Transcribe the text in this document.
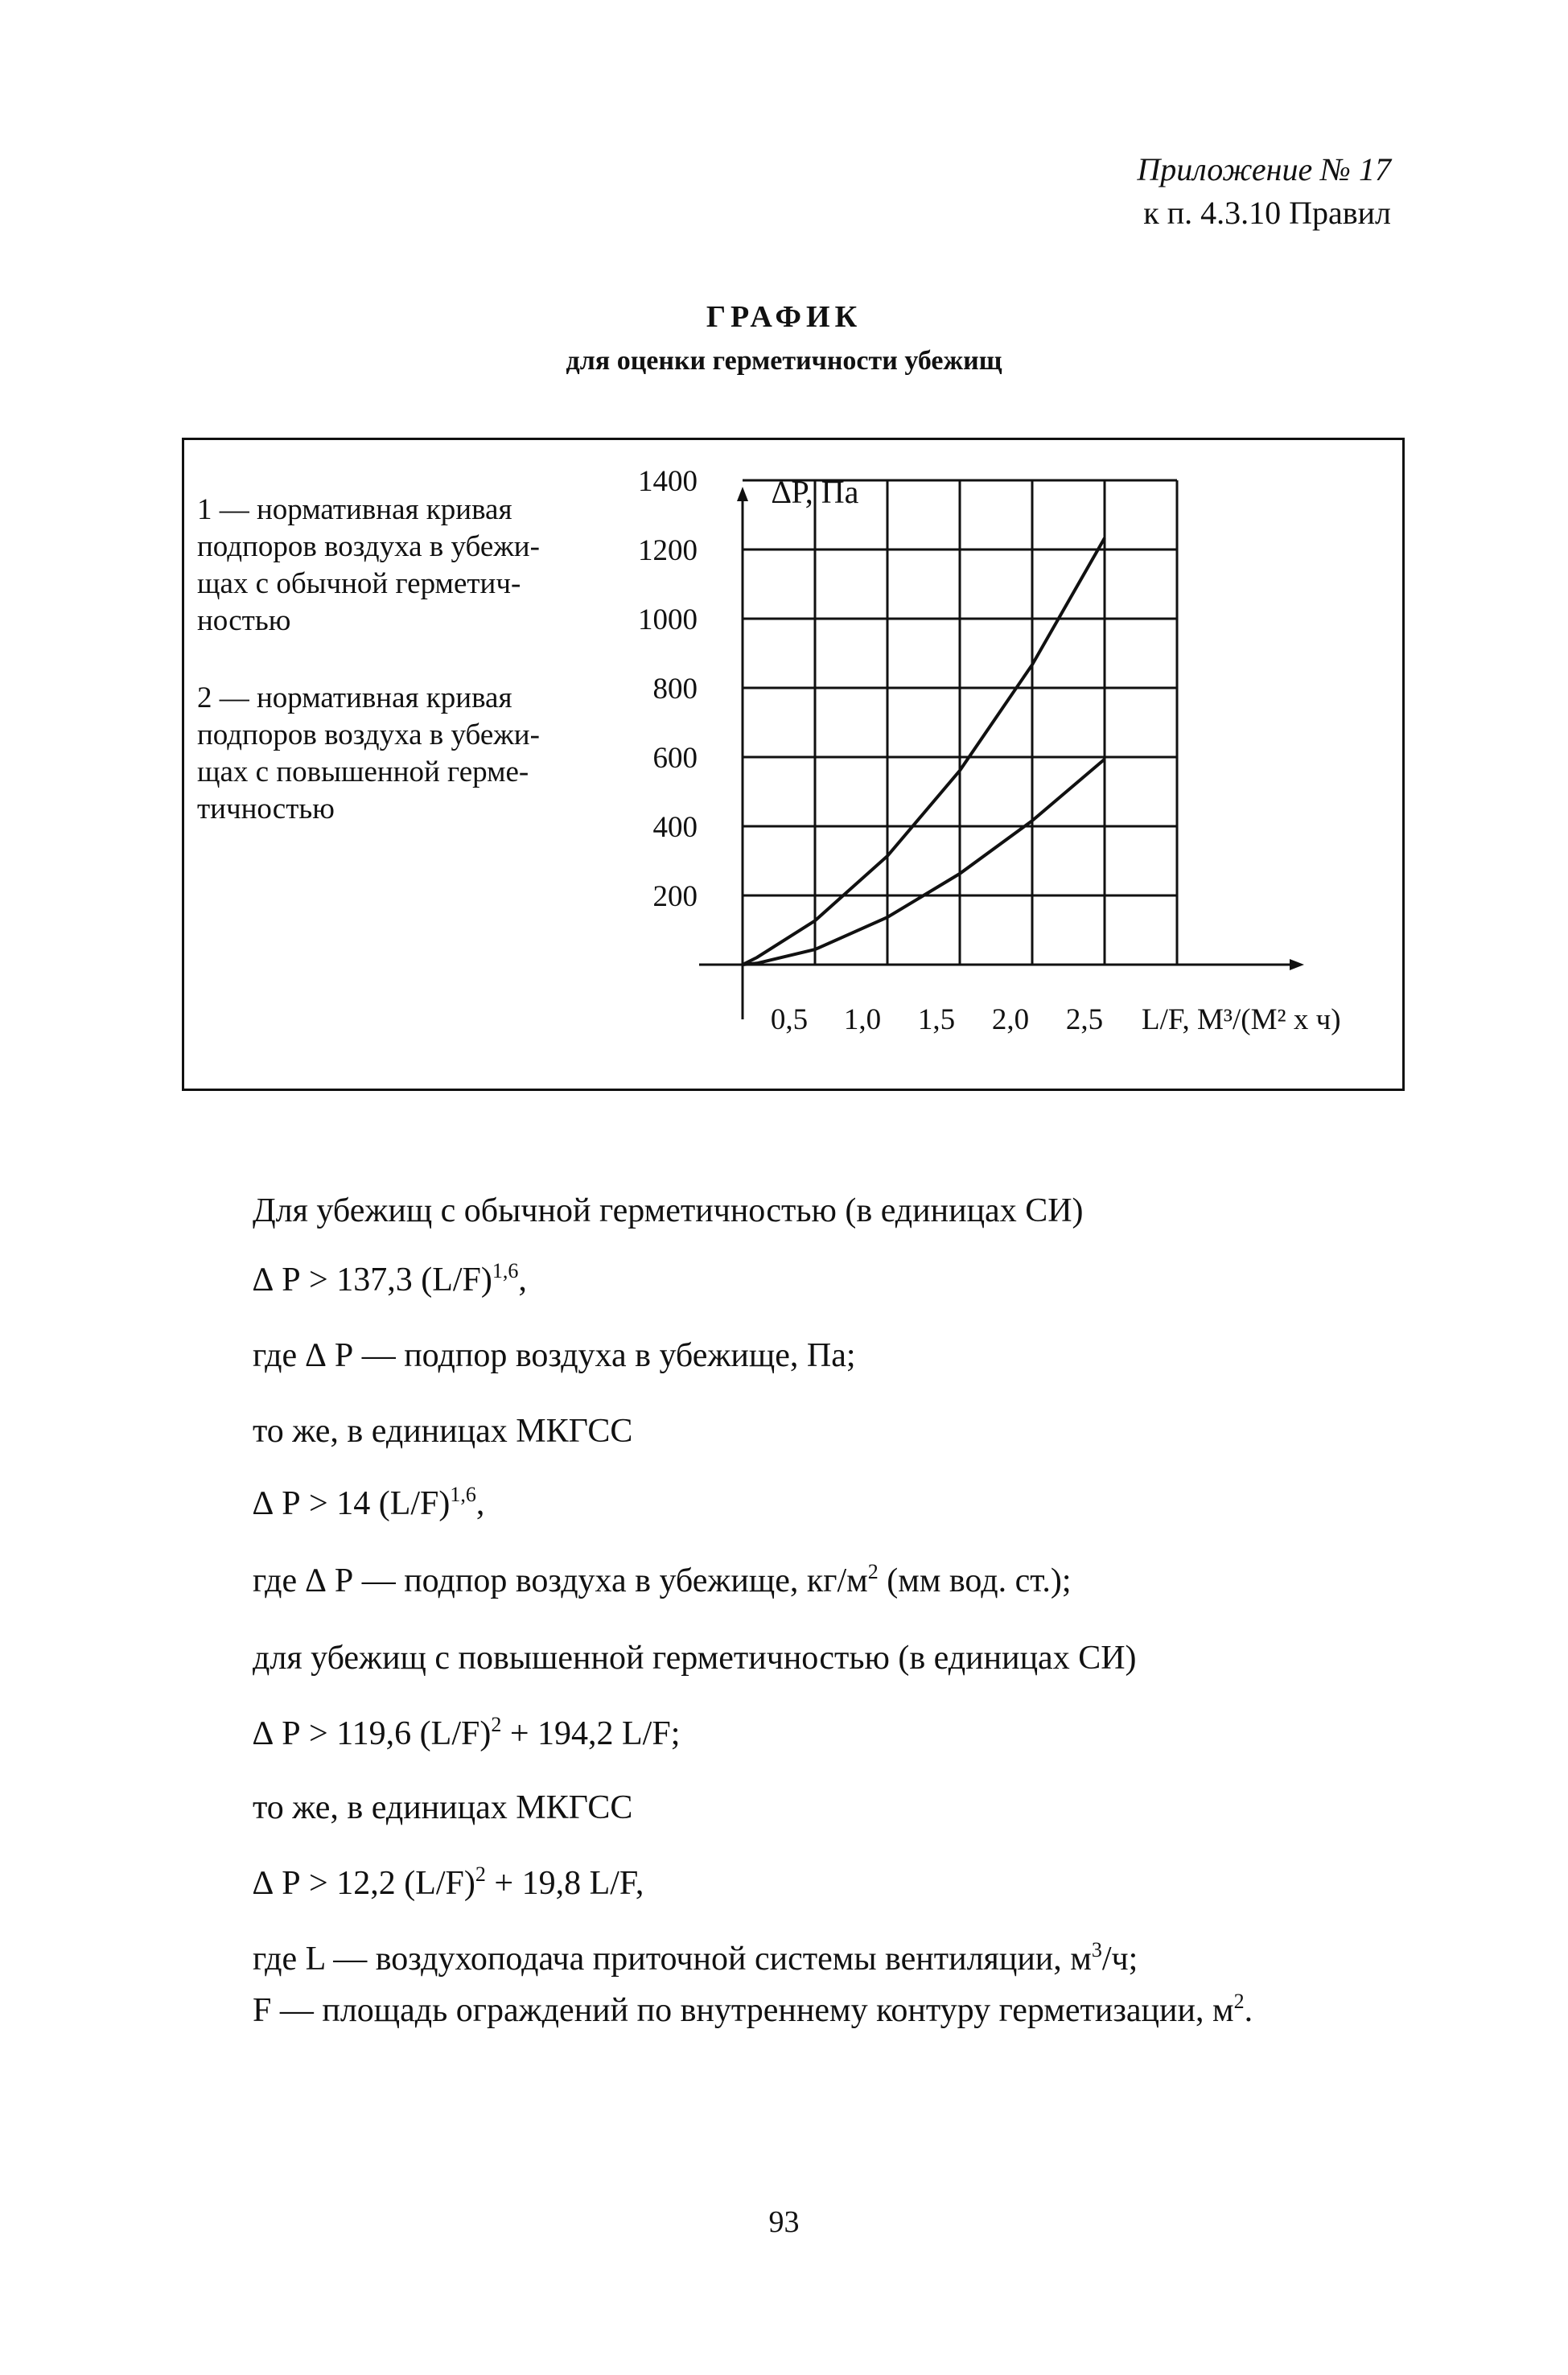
Приложение № 17
к п. 4.3.10 Правил
ГРАФИК
для оценки герметичности убежищ
1 — нормативная кривая
подпоров воздуха в убежи-
щах с обычной герметич-
ностью
2 — нормативная кривая
подпоров воздуха в убежи-
щах с повышенной герме-
тичностью
1400
1200
1000
800
600
400
200
0,5 1,0 1,5 2,0 2,5
∆Р, Па
L/F, М³/(М² х ч)
Для убежищ с обычной герметичностью (в единицах СИ)
∆ Р > 137,3 $(L/F)^{1,6}$,
где ∆ Р — подпор воздуха в убежище, Па;
то же, в единицах МКГСС
∆ Р > 14 $(L/F)^{1,6}$,
где ∆ Р — подпор воздуха в убежище, $кг/м^2$ (мм вод. ст.);
для убежищ с повышенной герметичностью (в единицах СИ)
∆ Р > 119,6 $(L/F)^2 + 194,2$ L/F;
то же, в единицах МКГСС
∆ Р > 12,2 $(L/F)^2 + 19,8$ L/F,
где L — воздухоподача приточной системы вентиляции, $м^3/ч$;
F — площадь ограждений по внутреннему контуру герметизации, $м^2$.
93
